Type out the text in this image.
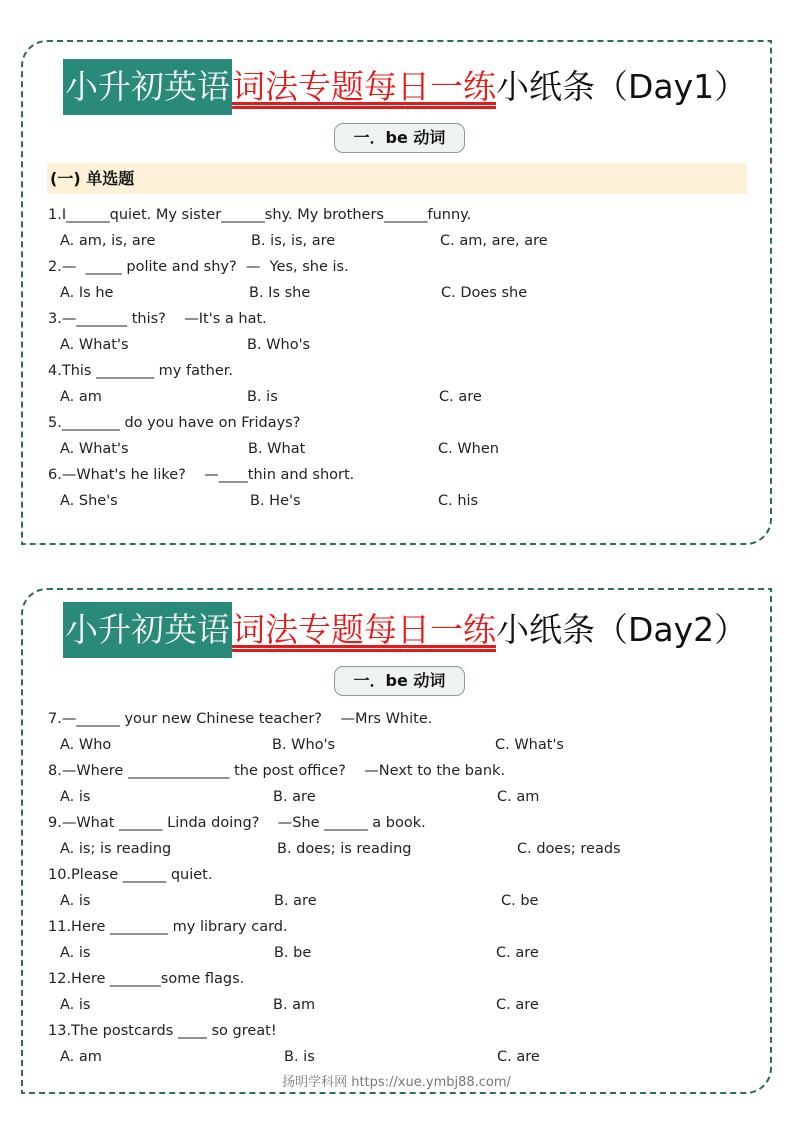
小升初英语 词法专题每日一练 小纸条（Day1）
一．be 动词
(一) 单选题
1.I______quiet. My sister______shy. My brothers______funny.
A. am, is, are	B. is, is, are	C. am, are, are
2.—  _____ polite and shy?  —  Yes, she is.
A. Is he	B. Is she	C. Does she
3.—_______ this?    —It's a hat.
A. What's	B. Who's
4.This ________ my father.
A. am	B. is	C. are
5.________ do you have on Fridays?
A. What's	B. What	C. When
6.—What's he like?    —____thin and short.
A. She's	B. He's	C. his
小升初英语 词法专题每日一练 小纸条（Day2）
一．be 动词
7.—______ your new Chinese teacher?    —Mrs White.
A. Who	B. Who's	C. What's
8.—Where ______________ the post office?    —Next to the bank.
A. is	B. are	C. am
9.—What ______ Linda doing?    —She ______ a book.
A. is; is reading	B. does; is reading	C. does; reads
10.Please ______ quiet.
A. is	B. are	C. be
11.Here ________ my library card.
A. is	B. be	C. are
12.Here _______some flags.
A. is	B. am	C. are
13.The postcards ____ so great!
A. am	B. is	C. are
扬明学科网 https://xue.ymbj88.com/
